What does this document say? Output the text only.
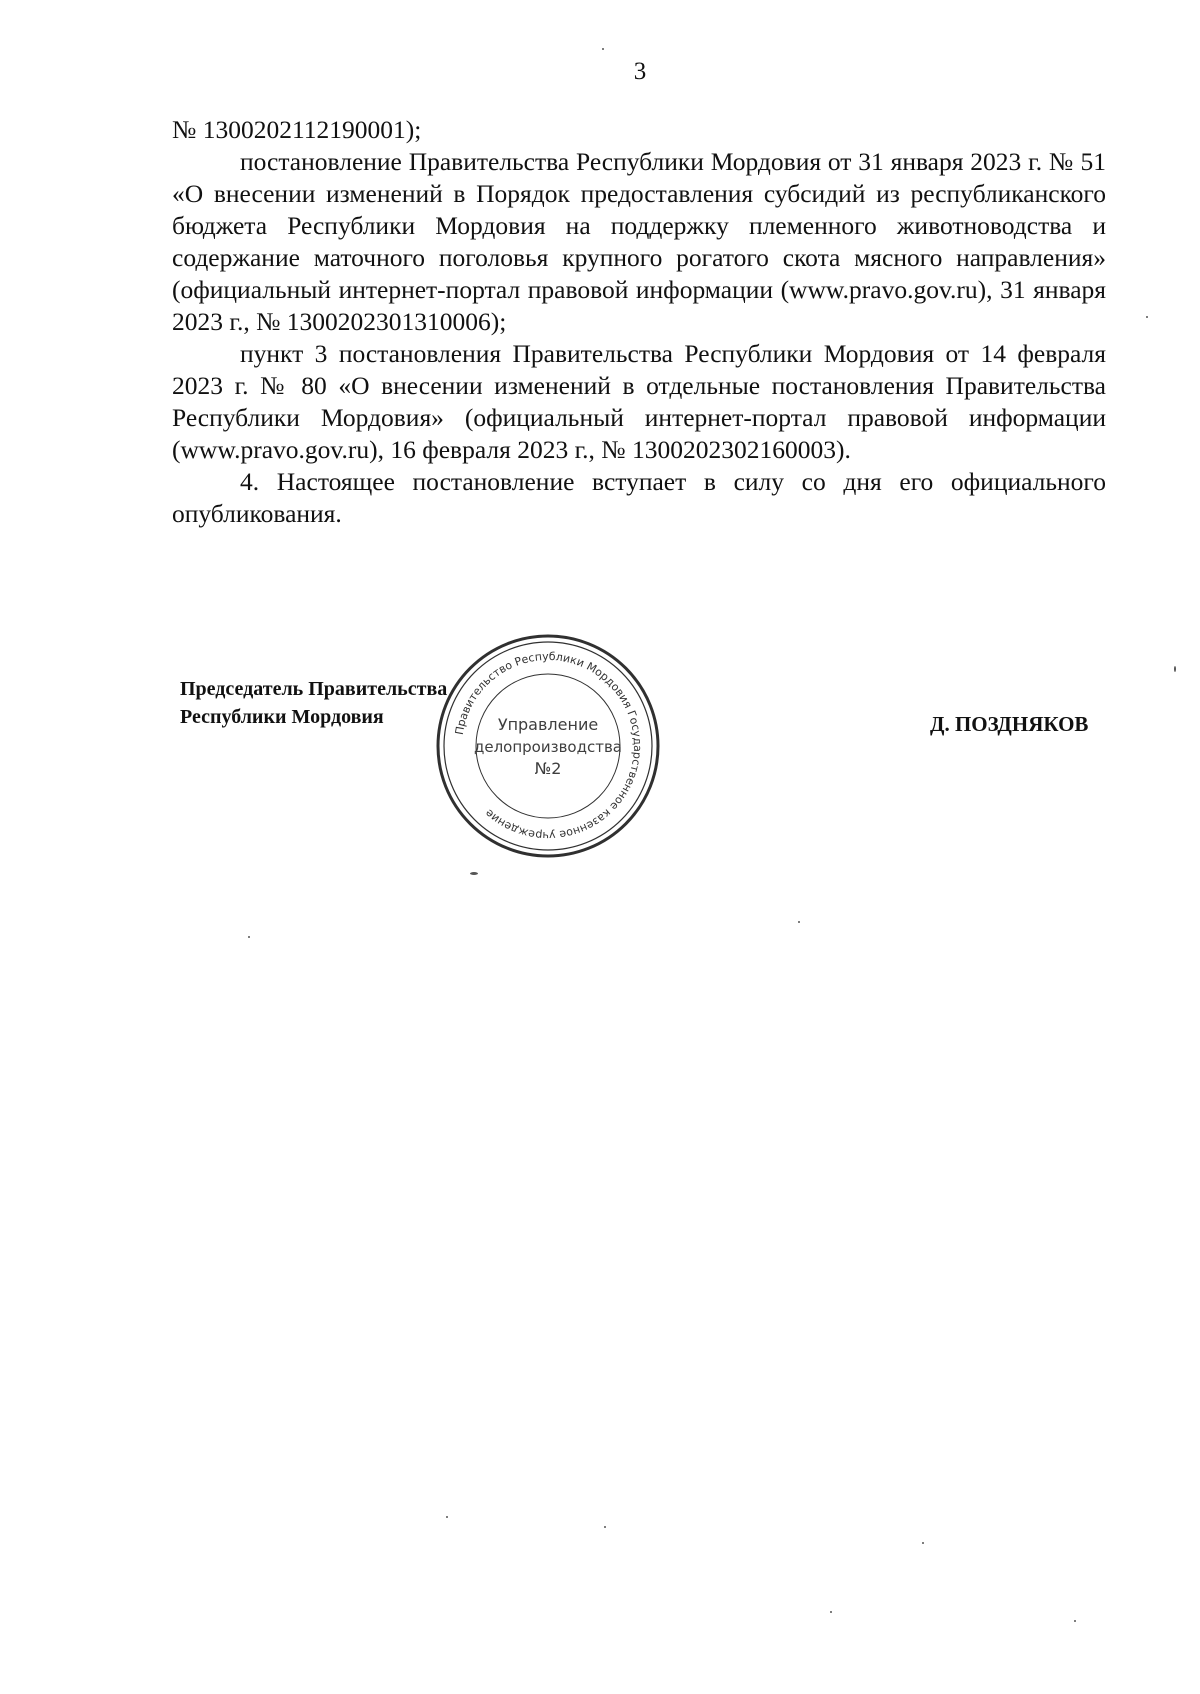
3

№ 1300202112190001);

постановление Правительства Республики Мордовия от 31 января 2023 г. № 51 «О внесении изменений в Порядок предоставления субсидий из республиканского бюджета Республики Мордовия на поддержку племенного животноводства и содержание маточного поголовья крупного рогатого скота мясного направления» (официальный интернет-портал правовой информации (www.pravo.gov.ru), 31 января 2023 г., № 1300202301310006);

пункт 3 постановления Правительства Республики Мордовия от 14 февраля 2023 г. № 80 «О внесении изменений в отдельные постановления Правительства Республики Мордовия» (официальный интернет-портал правовой информации (www.pravo.gov.ru), 16 февраля 2023 г., № 1300202302160003).

4. Настоящее постановление вступает в силу со дня его официального опубликования.

Председатель Правительства
Республики Мордовия	Д. ПОЗДНЯКОВ
Правительство Республики Мордовия Государственное казенное учреждение
Управление
делопроизводства
№2
